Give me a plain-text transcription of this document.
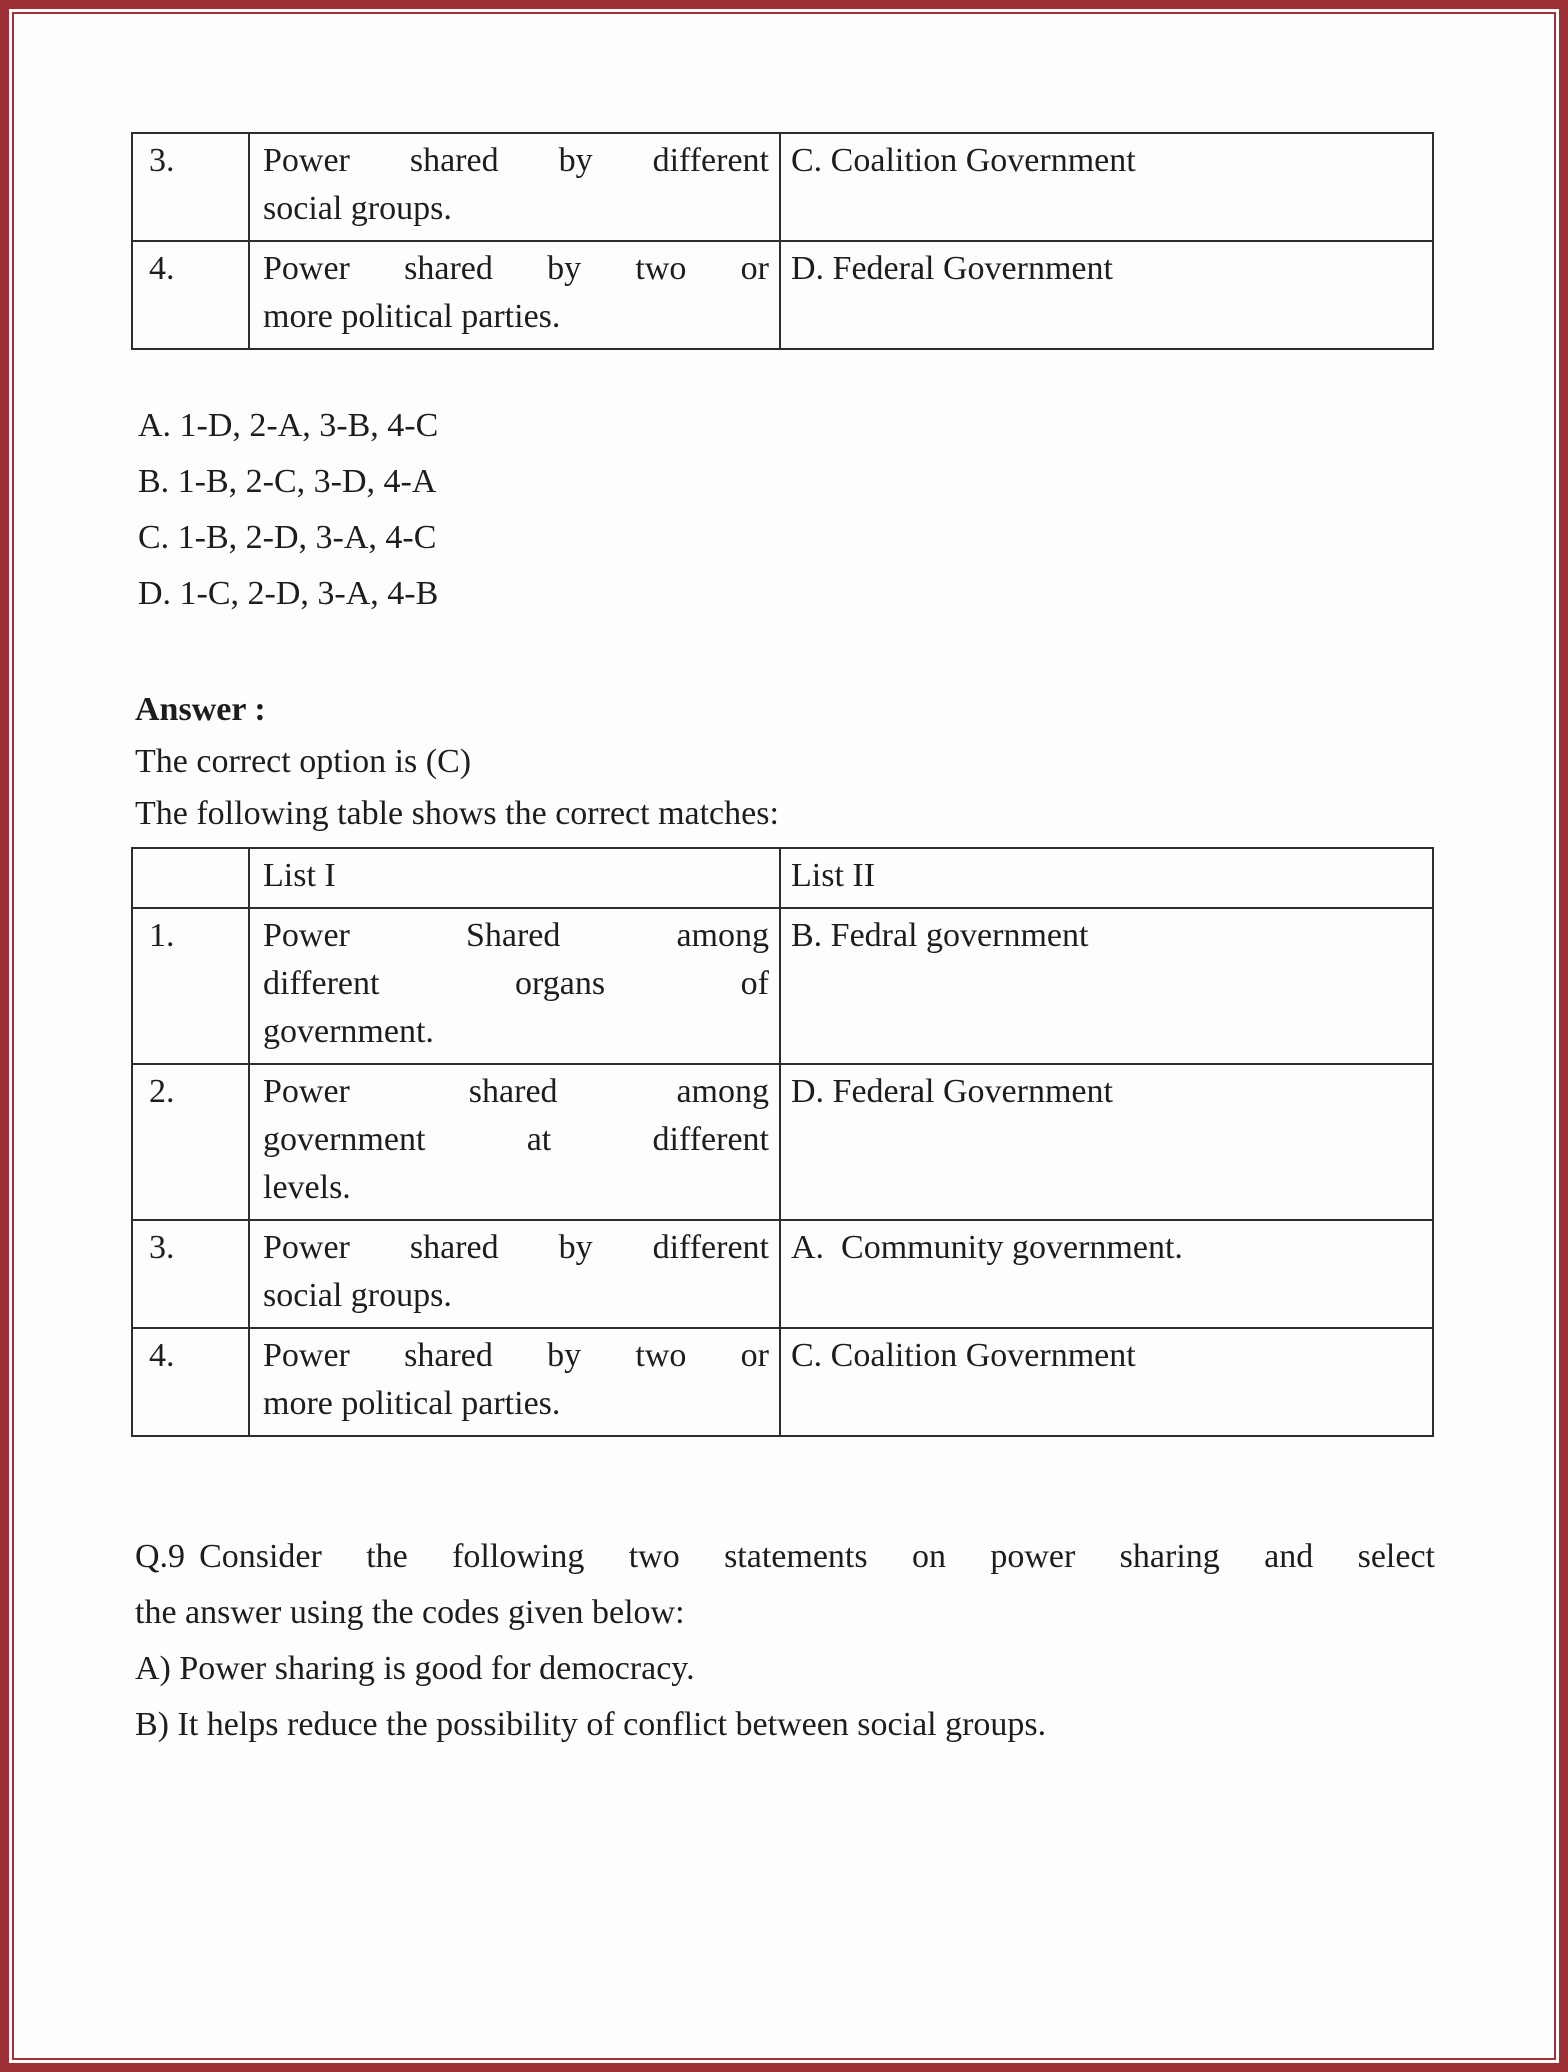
3.	Power shared by different
social groups.	C. Coalition Government
4.	Power shared by two or
more political parties.	D. Federal Government
A. 1-D, 2-A, 3-B, 4-C
B. 1-B, 2-C, 3-D, 4-A
C. 1-B, 2-D, 3-A, 4-C
D. 1-C, 2-D, 3-A, 4-B

Answer :

The correct option is (C)

The following table shows the correct matches:

	List I	List II
1.	Power Shared among
different organs of
government.	B. Fedral government
2.	Power shared among
government at different
levels.	D. Federal Government
3.	Power shared by different
social groups.	A.  Community government.
4.	Power shared by two or
more political parties.	C. Coalition Government

Q.9 Consider the following two statements on power sharing and select

the answer using the codes given below:

A) Power sharing is good for democracy.

B) It helps reduce the possibility of conflict between social groups.
